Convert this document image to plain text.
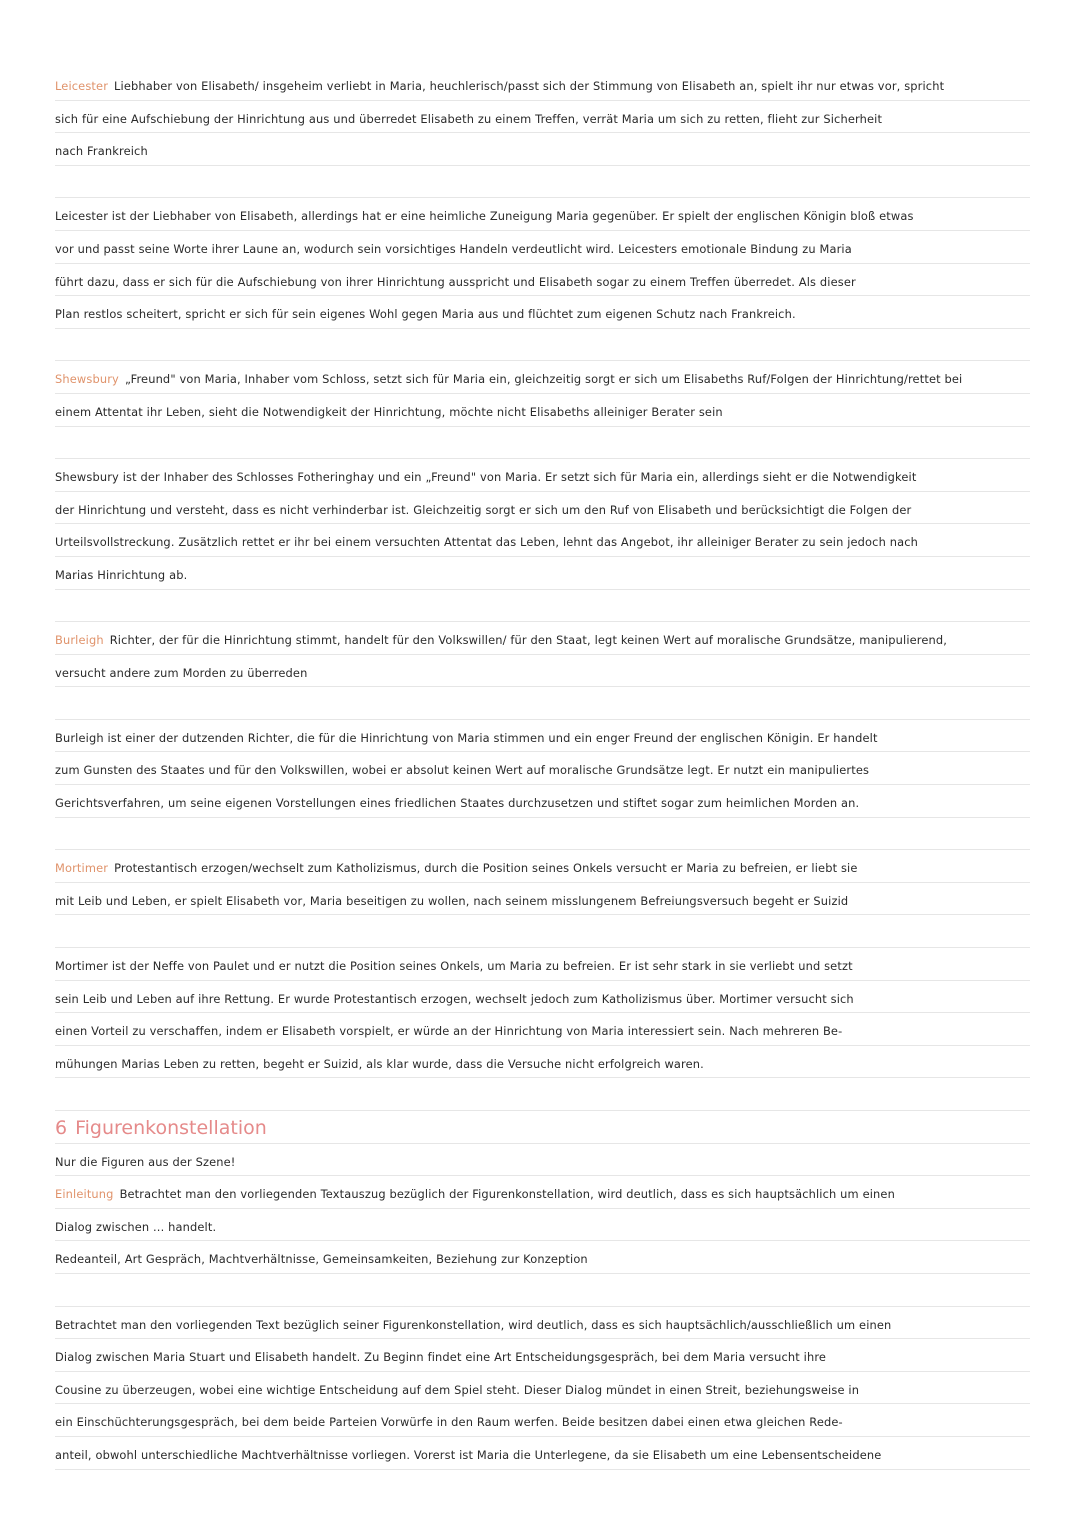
Leicester Liebhaber von Elisabeth/ insgeheim verliebt in Maria, heuchlerisch/passt sich der Stimmung von Elisabeth an, spielt ihr nur etwas vor, spricht
sich für eine Aufschiebung der Hinrichtung aus und überredet Elisabeth zu einem Treffen, verrät Maria um sich zu retten, flieht zur Sicherheit
nach Frankreich
Leicester ist der Liebhaber von Elisabeth, allerdings hat er eine heimliche Zuneigung Maria gegenüber. Er spielt der englischen Königin bloß etwas
vor und passt seine Worte ihrer Laune an, wodurch sein vorsichtiges Handeln verdeutlicht wird. Leicesters emotionale Bindung zu Maria
führt dazu, dass er sich für die Aufschiebung von ihrer Hinrichtung ausspricht und Elisabeth sogar zu einem Treffen überredet. Als dieser
Plan restlos scheitert, spricht er sich für sein eigenes Wohl gegen Maria aus und flüchtet zum eigenen Schutz nach Frankreich.
Shewsbury „Freund" von Maria, Inhaber vom Schloss, setzt sich für Maria ein, gleichzeitig sorgt er sich um Elisabeths Ruf/Folgen der Hinrichtung/rettet bei
einem Attentat ihr Leben, sieht die Notwendigkeit der Hinrichtung, möchte nicht Elisabeths alleiniger Berater sein
Shewsbury ist der Inhaber des Schlosses Fotheringhay und ein „Freund" von Maria. Er setzt sich für Maria ein, allerdings sieht er die Notwendigkeit
der Hinrichtung und versteht, dass es nicht verhinderbar ist. Gleichzeitig sorgt er sich um den Ruf von Elisabeth und berücksichtigt die Folgen der
Urteilsvollstreckung. Zusätzlich rettet er ihr bei einem versuchten Attentat das Leben, lehnt das Angebot, ihr alleiniger Berater zu sein jedoch nach
Marias Hinrichtung ab.
Burleigh Richter, der für die Hinrichtung stimmt, handelt für den Volkswillen/ für den Staat, legt keinen Wert auf moralische Grundsätze, manipulierend,
versucht andere zum Morden zu überreden
Burleigh ist einer der dutzenden Richter, die für die Hinrichtung von Maria stimmen und ein enger Freund der englischen Königin. Er handelt
zum Gunsten des Staates und für den Volkswillen, wobei er absolut keinen Wert auf moralische Grundsätze legt. Er nutzt ein manipuliertes
Gerichtsverfahren, um seine eigenen Vorstellungen eines friedlichen Staates durchzusetzen und stiftet sogar zum heimlichen Morden an.
Mortimer Protestantisch erzogen/wechselt zum Katholizismus, durch die Position seines Onkels versucht er Maria zu befreien, er liebt sie
mit Leib und Leben, er spielt Elisabeth vor, Maria beseitigen zu wollen, nach seinem misslungenem Befreiungsversuch begeht er Suizid
Mortimer ist der Neffe von Paulet und er nutzt die Position seines Onkels, um Maria zu befreien. Er ist sehr stark in sie verliebt und setzt
sein Leib und Leben auf ihre Rettung. Er wurde Protestantisch erzogen, wechselt jedoch zum Katholizismus über. Mortimer versucht sich
einen Vorteil zu verschaffen, indem er Elisabeth vorspielt, er würde an der Hinrichtung von Maria interessiert sein. Nach mehreren Be-
mühungen Marias Leben zu retten, begeht er Suizid, als klar wurde, dass die Versuche nicht erfolgreich waren.
6 Figurenkonstellation
Nur die Figuren aus der Szene!
Einleitung Betrachtet man den vorliegenden Textauszug bezüglich der Figurenkonstellation, wird deutlich, dass es sich hauptsächlich um einen
Dialog zwischen ... handelt.
Redeanteil, Art Gespräch, Machtverhältnisse, Gemeinsamkeiten, Beziehung zur Konzeption
Betrachtet man den vorliegenden Text bezüglich seiner Figurenkonstellation, wird deutlich, dass es sich hauptsächlich/ausschließlich um einen
Dialog zwischen Maria Stuart und Elisabeth handelt. Zu Beginn findet eine Art Entscheidungsgespräch, bei dem Maria versucht ihre
Cousine zu überzeugen, wobei eine wichtige Entscheidung auf dem Spiel steht. Dieser Dialog mündet in einen Streit, beziehungsweise in
ein Einschüchterungsgespräch, bei dem beide Parteien Vorwürfe in den Raum werfen. Beide besitzen dabei einen etwa gleichen Rede-
anteil, obwohl unterschiedliche Machtverhältnisse vorliegen. Vorerst ist Maria die Unterlegene, da sie Elisabeth um eine Lebensentscheidene
